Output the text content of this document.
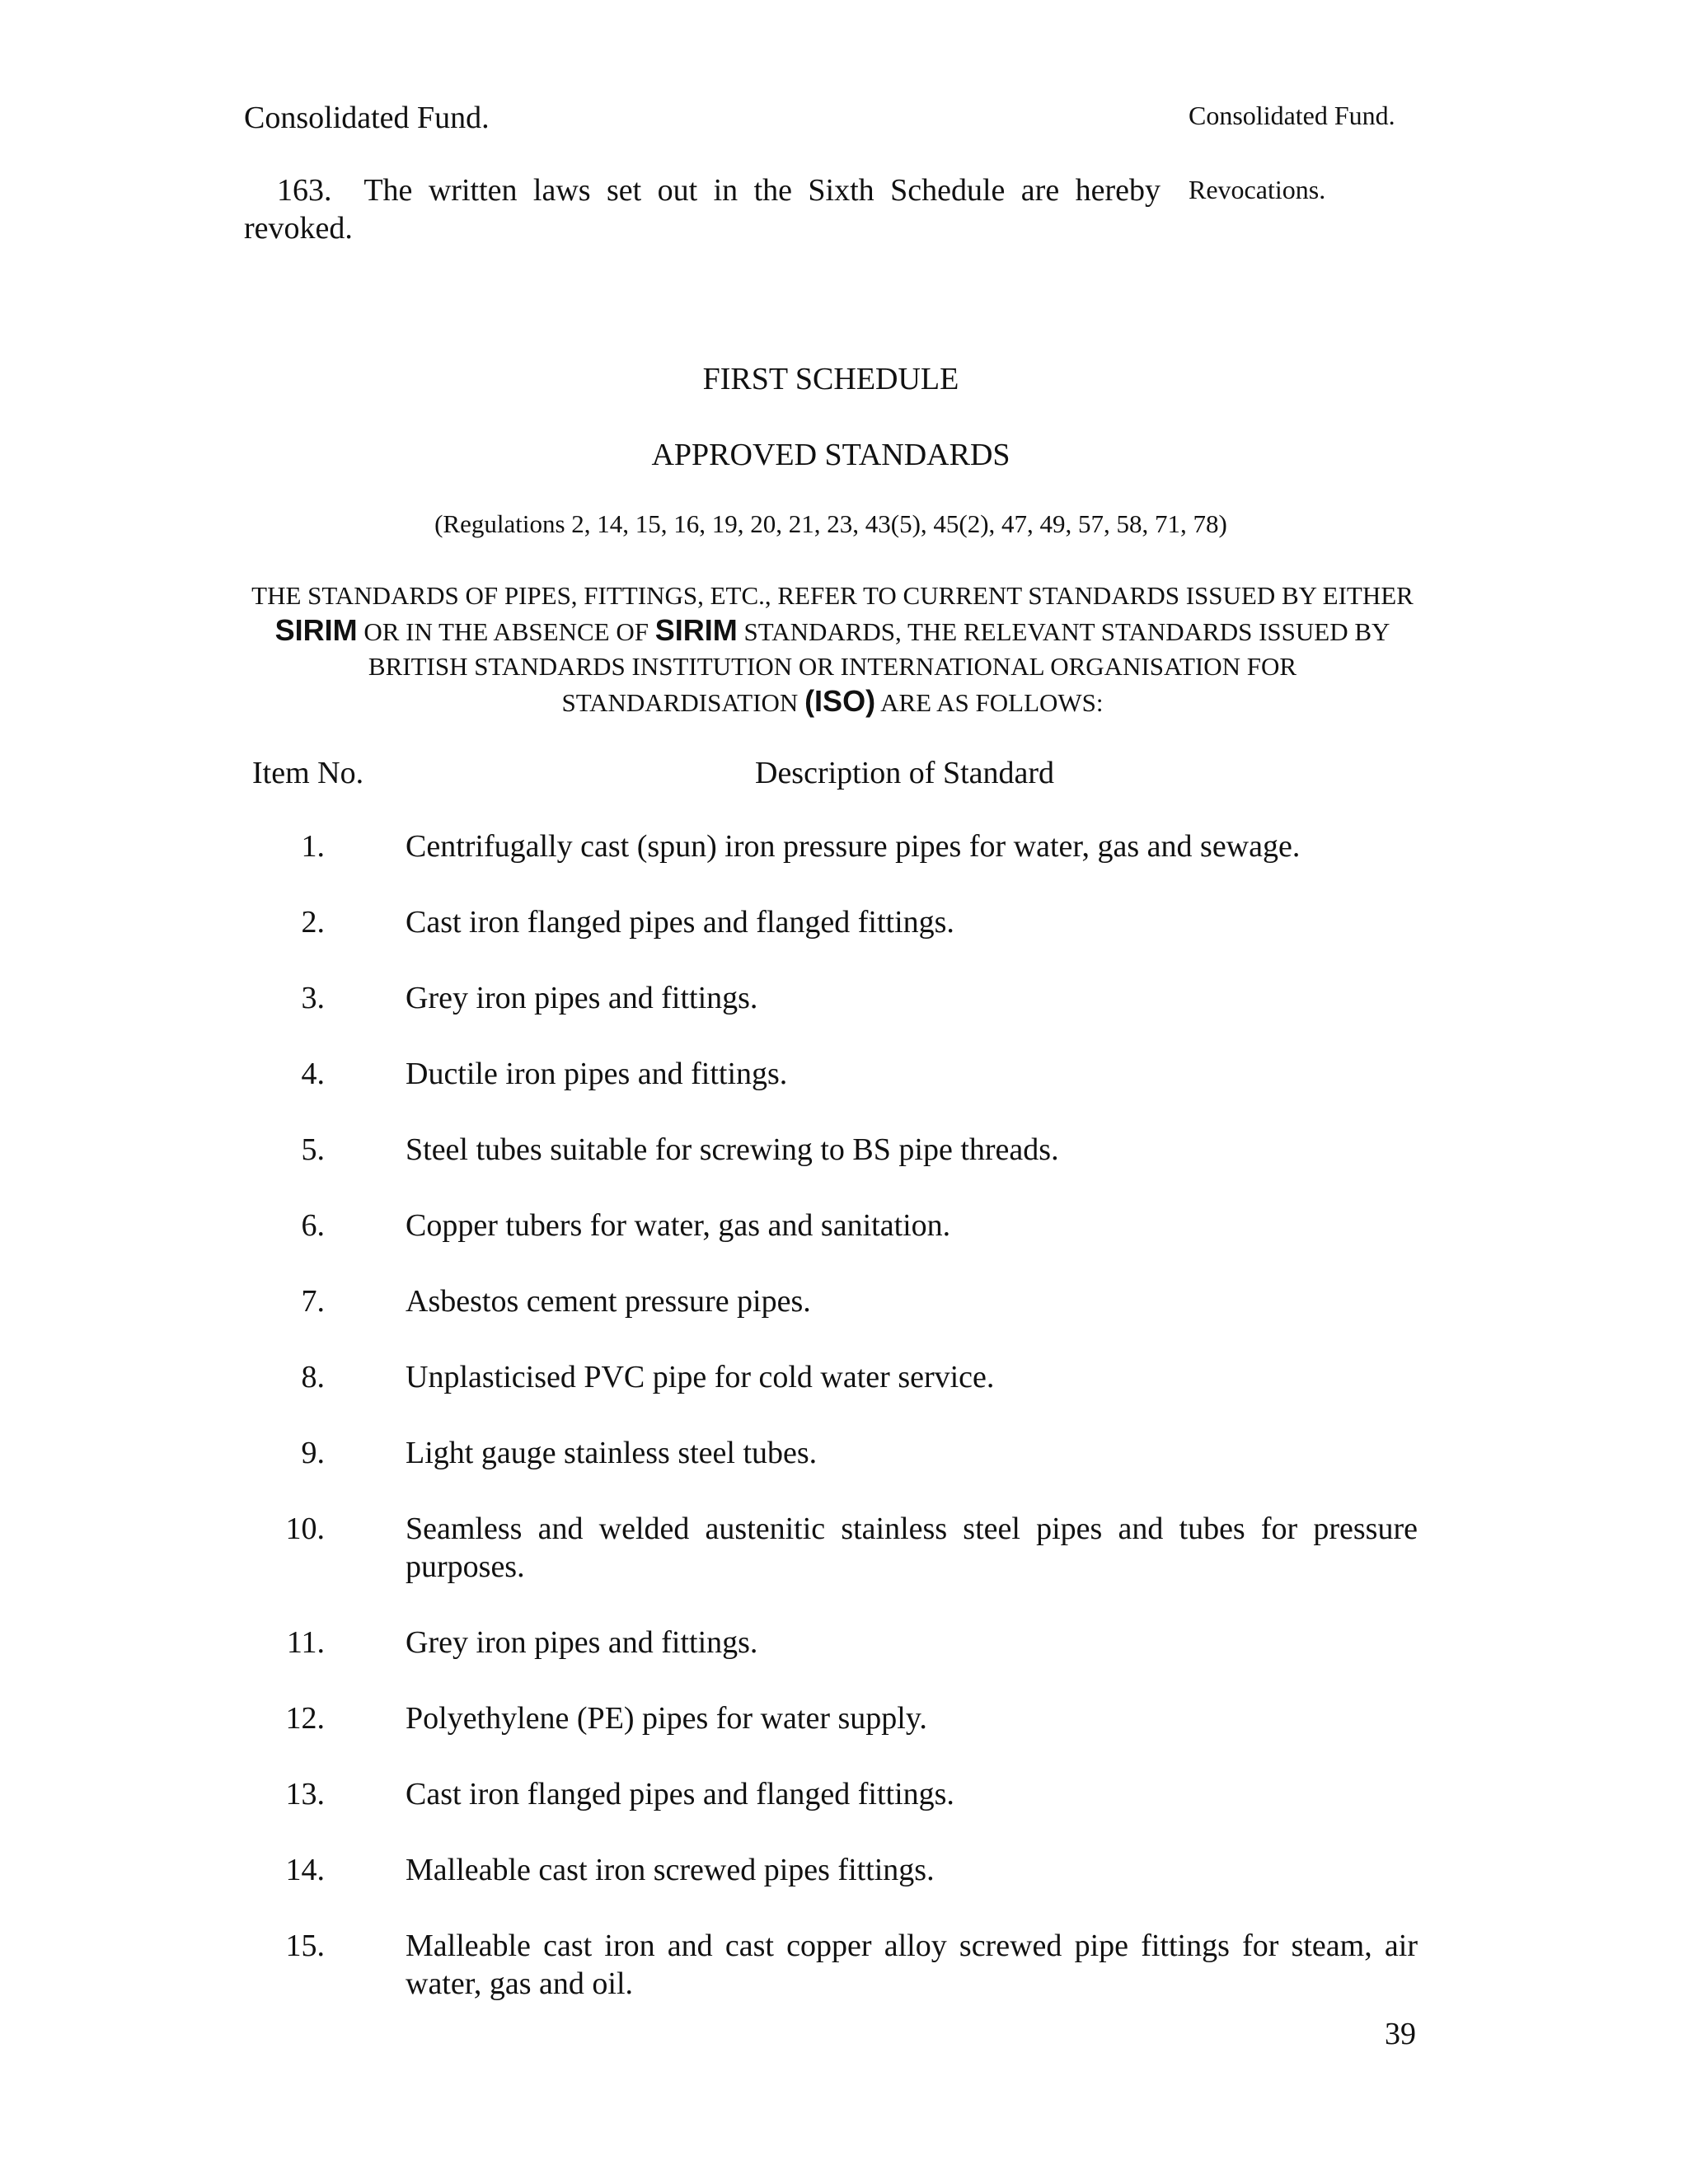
Consolidated Fund.	Consolidated Fund.
163. The written laws set out in the Sixth Schedule are hereby revoked.
Revocations.
FIRST SCHEDULE
APPROVED STANDARDS
(Regulations 2, 14, 15, 16, 19, 20, 21, 23, 43(5), 45(2), 47, 49, 57, 58, 71, 78)
THE STANDARDS OF PIPES, FITTINGS, ETC., REFER TO CURRENT STANDARDS ISSUED BY EITHER SIRIM OR IN THE ABSENCE OF SIRIM STANDARDS, THE RELEVANT STANDARDS ISSUED BY BRITISH STANDARDS INSTITUTION OR INTERNATIONAL ORGANISATION FOR STANDARDISATION (ISO) ARE AS FOLLOWS:
Item No.	Description of Standard
1.	Centrifugally cast (spun) iron pressure pipes for water, gas and sewage.
2.	Cast iron flanged pipes and flanged fittings.
3.	Grey iron pipes and fittings.
4.	Ductile iron pipes and fittings.
5.	Steel tubes suitable for screwing to BS pipe threads.
6.	Copper tubers for water, gas and sanitation.
7.	Asbestos cement pressure pipes.
8.	Unplasticised PVC pipe for cold water service.
9.	Light gauge stainless steel tubes.
10.	Seamless and welded austenitic stainless steel pipes and tubes for pressure purposes.
11.	Grey iron pipes and fittings.
12.	Polyethylene (PE) pipes for water supply.
13.	Cast iron flanged pipes and flanged fittings.
14.	Malleable cast iron screwed pipes fittings.
15.	Malleable cast iron and cast copper alloy screwed pipe fittings for steam, air water, gas and oil.
39
